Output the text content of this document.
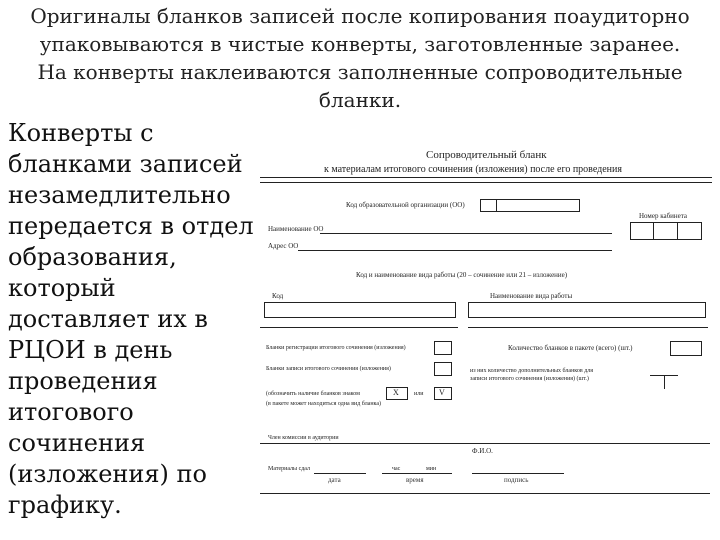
Оригиналы бланков записей после копирования поаудиторно
упаковываются в чистые конверты, заготовленные заранее.
На конверты наклеиваются заполненные сопроводительные
бланки.
Конверты с
бланками записей
незамедлительно
передается в отдел
образования,
который
доставляет их в
РЦОИ в день
проведения
итогового
сочинения
(изложения) по
графику.
Сопроводительный бланк
к материалам итогового сочинения (изложения) после его проведения
Код образовательной организации (ОО)
Номер кабинета
Наименование ОО
Адрес ОО
Код и наименование вида работы (20 – сочинение или 21 – изложение)
Код	Наименование вида работы
Бланки регистрации итогового сочинения (изложения)	Количество бланков в пакете (всего) (шт.)
Бланки записи итогового сочинения (изложения)	из них количество дополнительных бланков для
записи итогового сочинения (изложения) (шт.)
(обозначить наличие бланков знаком	X	или V
(в пакете может находиться одна вид бланка)
Член комиссии в аудитории
Ф.И.О.
Материалы сдал	час	мин
дата	время	подпись
